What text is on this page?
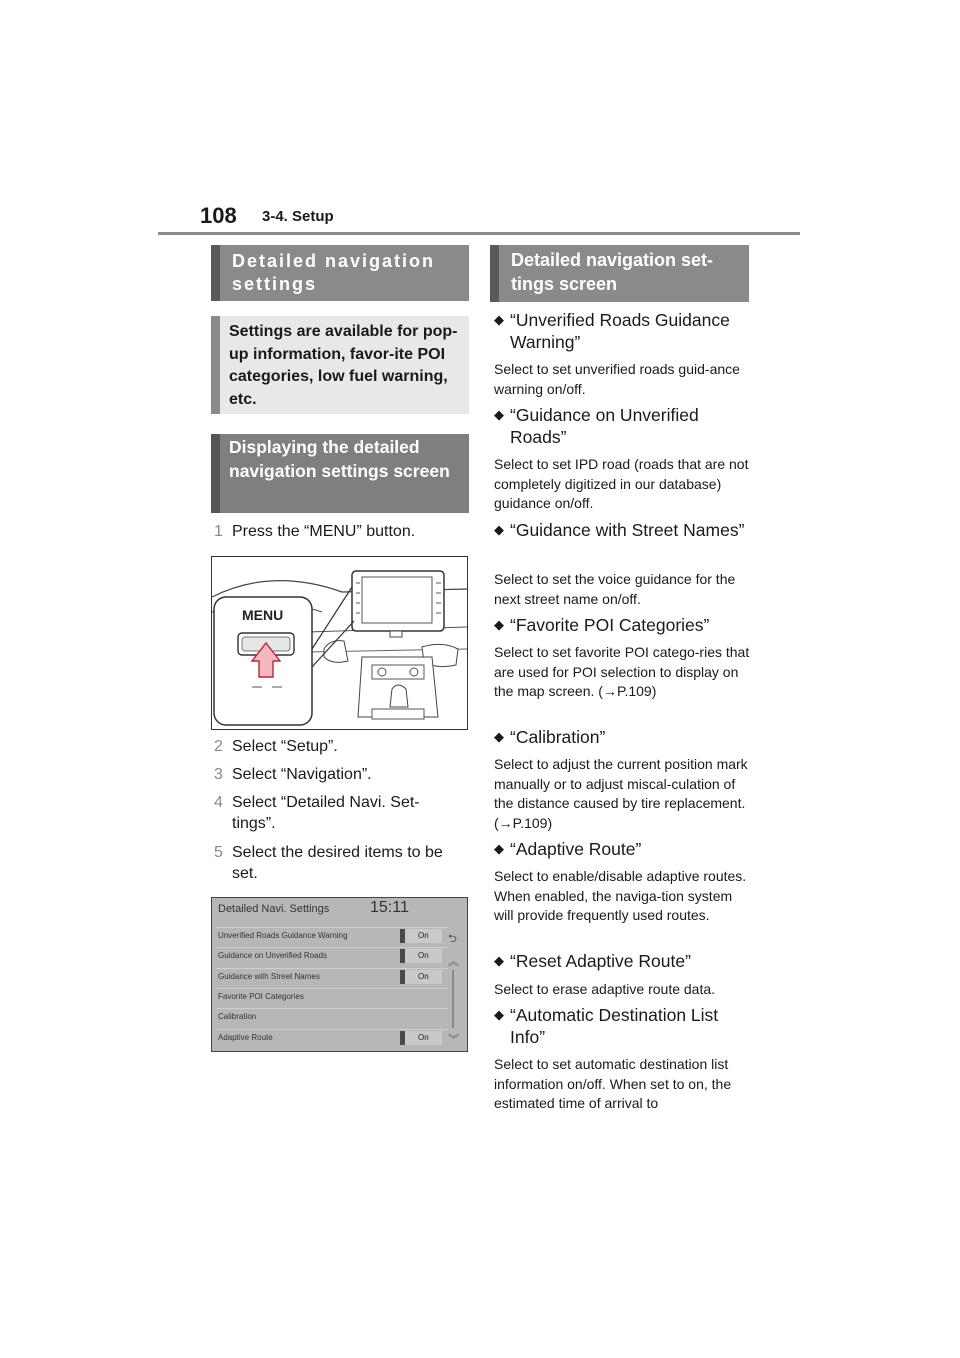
108 3-4. Setup
Detailed navigation settings
Settings are available for pop-up information, favor-ite POI categories, low fuel warning, etc.
Displaying the detailed navigation settings screen
1 Press the “MENU” button.
MENU
2 Select “Setup”.
3 Select “Navigation”.
4 Select “Detailed Navi. Set-tings”.
5 Select the desired items to be set.
Detailed Navi. Settings	15:11
Unverified Roads Guidance Warning	On
Guidance on Unverified Roads	On
Guidance with Street Names	On
Favorite POI Categories
Calibration
Adaptive Route	On
⮌
︽
︾
Detailed navigation set-tings screen
◆ “Unverified Roads Guidance Warning”
Select to set unverified roads guid-ance warning on/off.
◆ “Guidance on Unverified Roads”
Select to set IPD road (roads that are not completely digitized in our database) guidance on/off.
◆ “Guidance with Street Names”
Select to set the voice guidance for the next street name on/off.
◆ “Favorite POI Categories”
Select to set favorite POI catego-ries that are used for POI selection to display on the map screen. (→P.109)
◆ “Calibration”
Select to adjust the current position mark manually or to adjust miscal-culation of the distance caused by tire replacement. (→P.109)
◆ “Adaptive Route”
Select to enable/disable adaptive routes. When enabled, the naviga-tion system will provide frequently used routes.
◆ “Reset Adaptive Route”
Select to erase adaptive route data.
◆ “Automatic Destination List Info”
Select to set automatic destination list information on/off. When set to on, the estimated time of arrival to
